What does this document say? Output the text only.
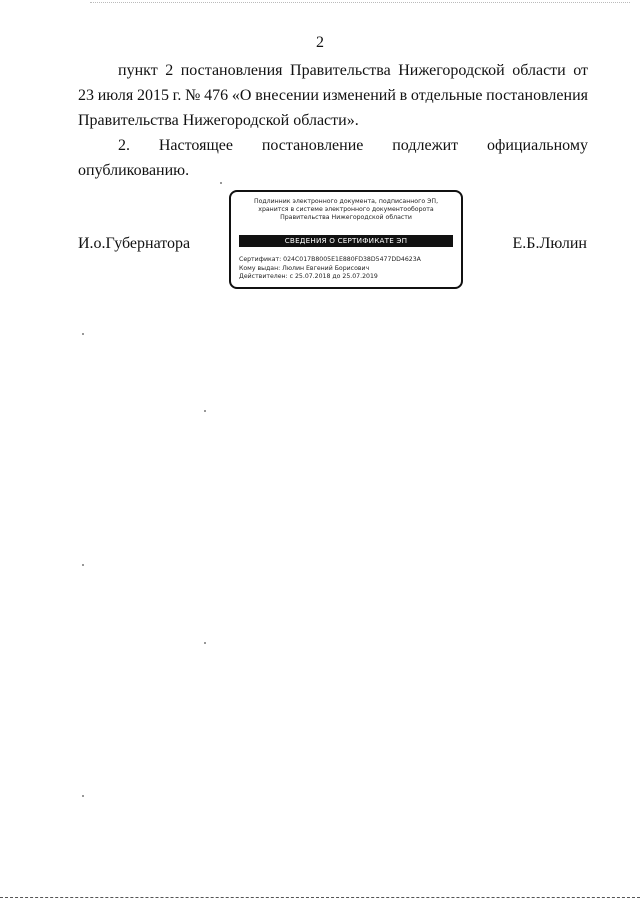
2
пункт 2 постановления Правительства Нижегородской области от
23 июля 2015 г. № 476 «О внесении изменений в отдельные постановления
Правительства Нижегородской области».
2. Настоящее постановление подлежит официальному
опубликованию.
И.о.Губернатора	Е.Б.Люлин
Подлинник электронного документа, подписанного ЭП,
хранится в системе электронного документооборота
Правительства Нижегородской области
СВЕДЕНИЯ О СЕРТИФИКАТЕ ЭП
Сертификат: 024C017B8005E1E880FD38D5477DD4623A
Кому выдан: Люлин Евгений Борисович
Действителен: с 25.07.2018 до 25.07.2019
